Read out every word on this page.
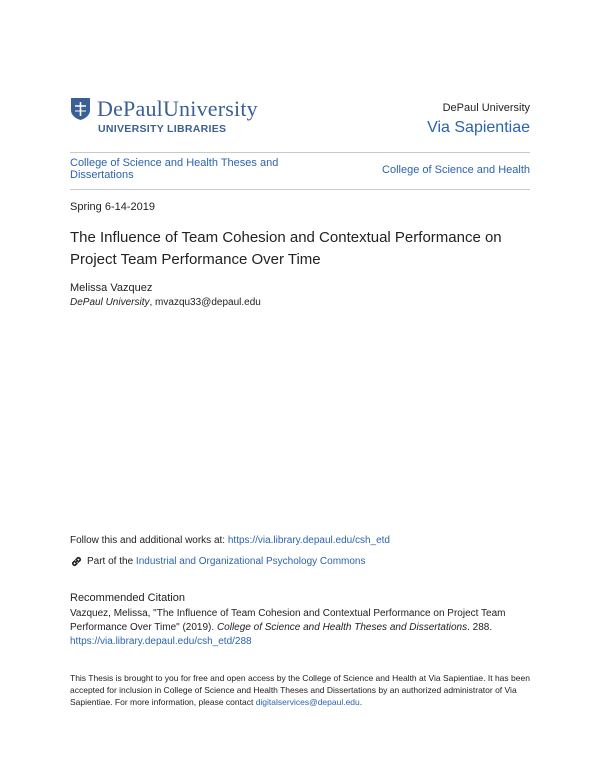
DePaulUniversity
UNIVERSITY LIBRARIES
DePaul University
Via Sapientiae
College of Science and Health Theses and Dissertations	College of Science and Health
Spring 6-14-2019
The Influence of Team Cohesion and Contextual Performance on Project Team Performance Over Time
Melissa Vazquez
DePaul University, mvazqu33@depaul.edu
Follow this and additional works at: https://via.library.depaul.edu/csh_etd
Part of the Industrial and Organizational Psychology Commons
Recommended Citation
Vazquez, Melissa, "The Influence of Team Cohesion and Contextual Performance on Project Team Performance Over Time" (2019). College of Science and Health Theses and Dissertations. 288.
https://via.library.depaul.edu/csh_etd/288
This Thesis is brought to you for free and open access by the College of Science and Health at Via Sapientiae. It has been accepted for inclusion in College of Science and Health Theses and Dissertations by an authorized administrator of Via Sapientiae. For more information, please contact digitalservices@depaul.edu.
